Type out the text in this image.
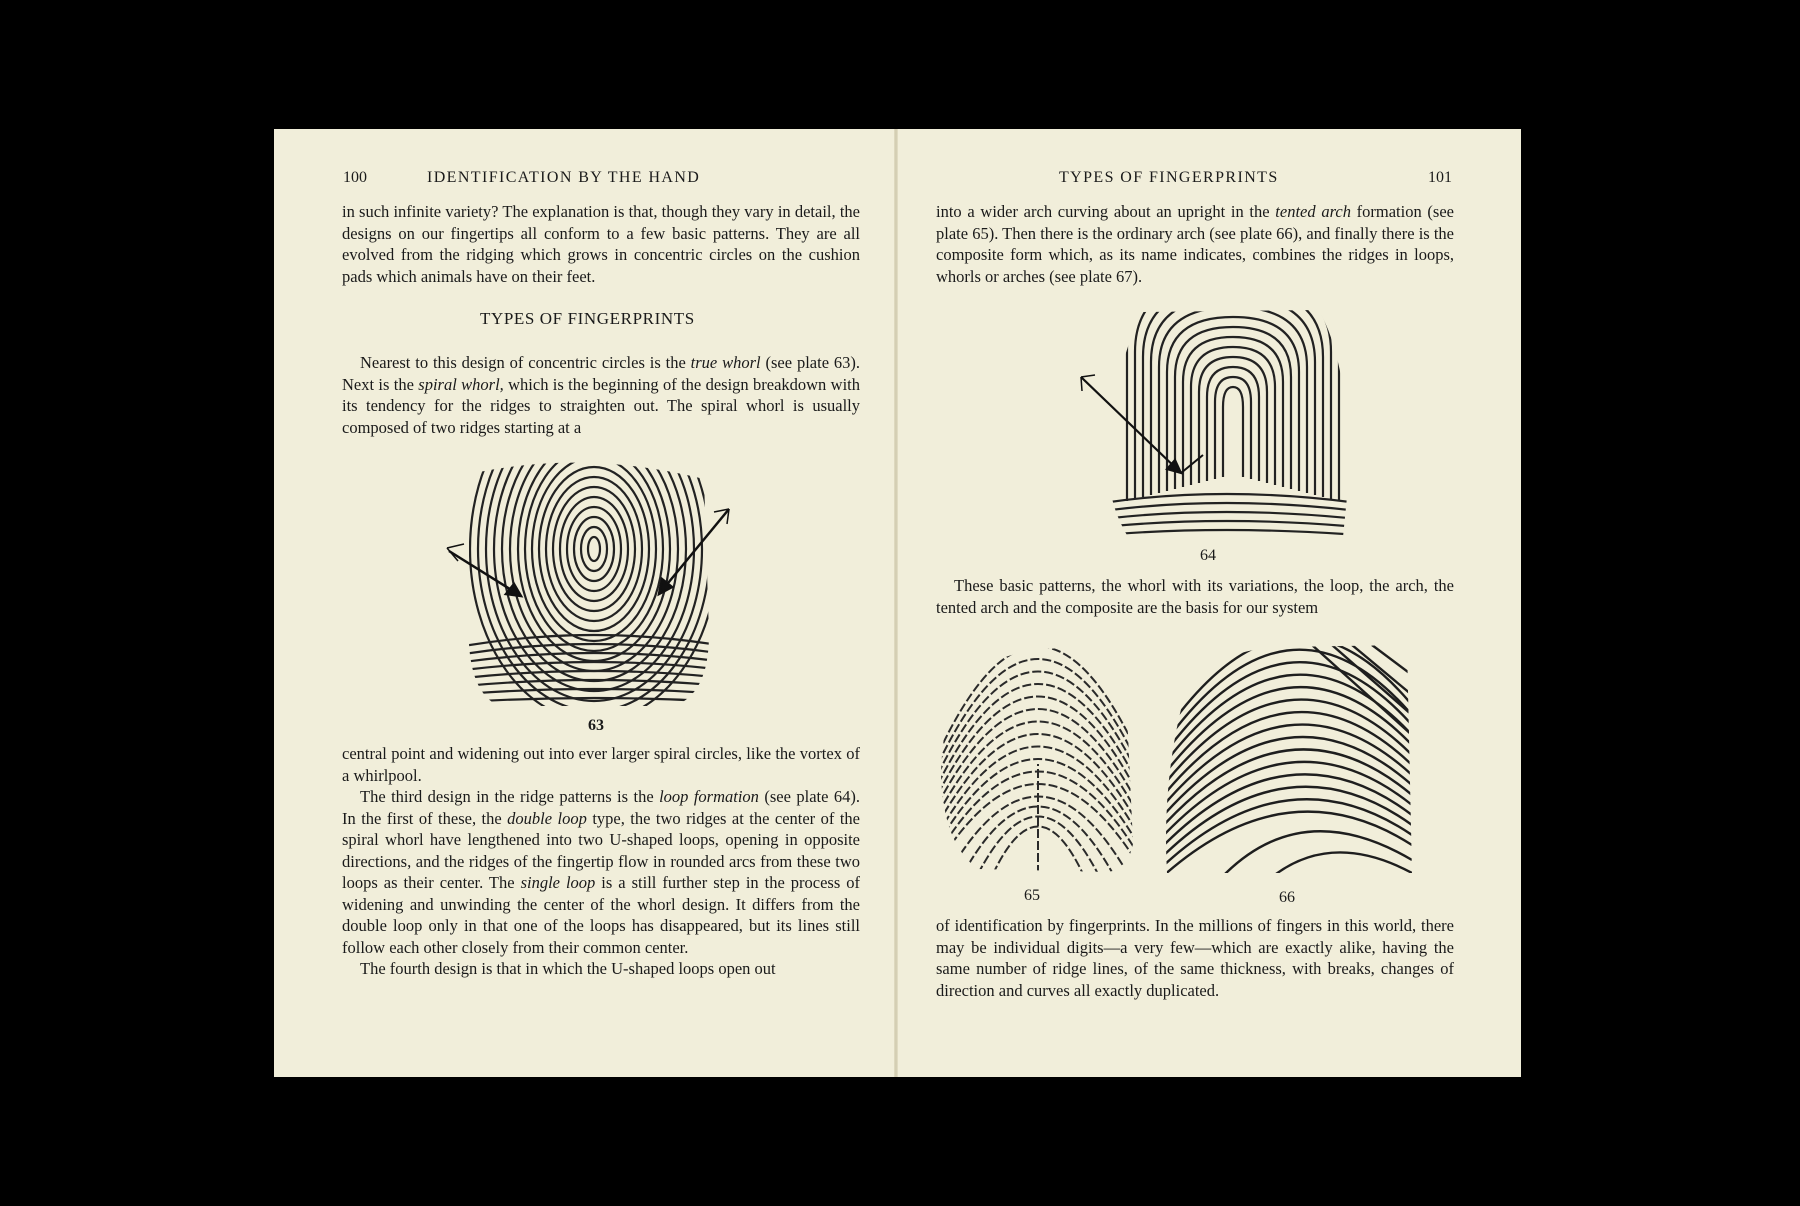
100	IDENTIFICATION BY THE HAND

in such infinite variety? The explanation is that, though they vary in detail, the designs on our fingertips all conform to a few basic patterns. They are all evolved from the ridging which grows in concentric circles on the cushion pads which animals have on their feet.

TYPES OF FINGERPRINTS

Nearest to this design of concentric circles is the true whorl (see plate 63). Next is the spiral whorl, which is the beginning of the design breakdown with its tendency for the ridges to straighten out. The spiral whorl is usually composed of two ridges starting at a

63

central point and widening out into ever larger spiral circles, like the vortex of a whirlpool.

The third design in the ridge patterns is the loop formation (see plate 64). In the first of these, the double loop type, the two ridges at the center of the spiral whorl have lengthened into two U-shaped loops, opening in opposite directions, and the ridges of the fingertip flow in rounded arcs from these two loops as their center. The single loop is a still further step in the process of widening and unwinding the center of the whorl design. It differs from the double loop only in that one of the loops has disappeared, but its lines still follow each other closely from their common center.

The fourth design is that in which the U-shaped loops open out

TYPES OF FINGERPRINTS	101

into a wider arch curving about an upright in the tented arch formation (see plate 65). Then there is the ordinary arch (see plate 66), and finally there is the composite form which, as its name indicates, combines the ridges in loops, whorls or arches (see plate 67).

64

These basic patterns, the whorl with its variations, the loop, the arch, the tented arch and the composite are the basis for our system

65	66

of identification by fingerprints. In the millions of fingers in this world, there may be individual digits—a very few—which are exactly alike, having the same number of ridge lines, of the same thickness, with breaks, changes of direction and curves all exactly duplicated.
